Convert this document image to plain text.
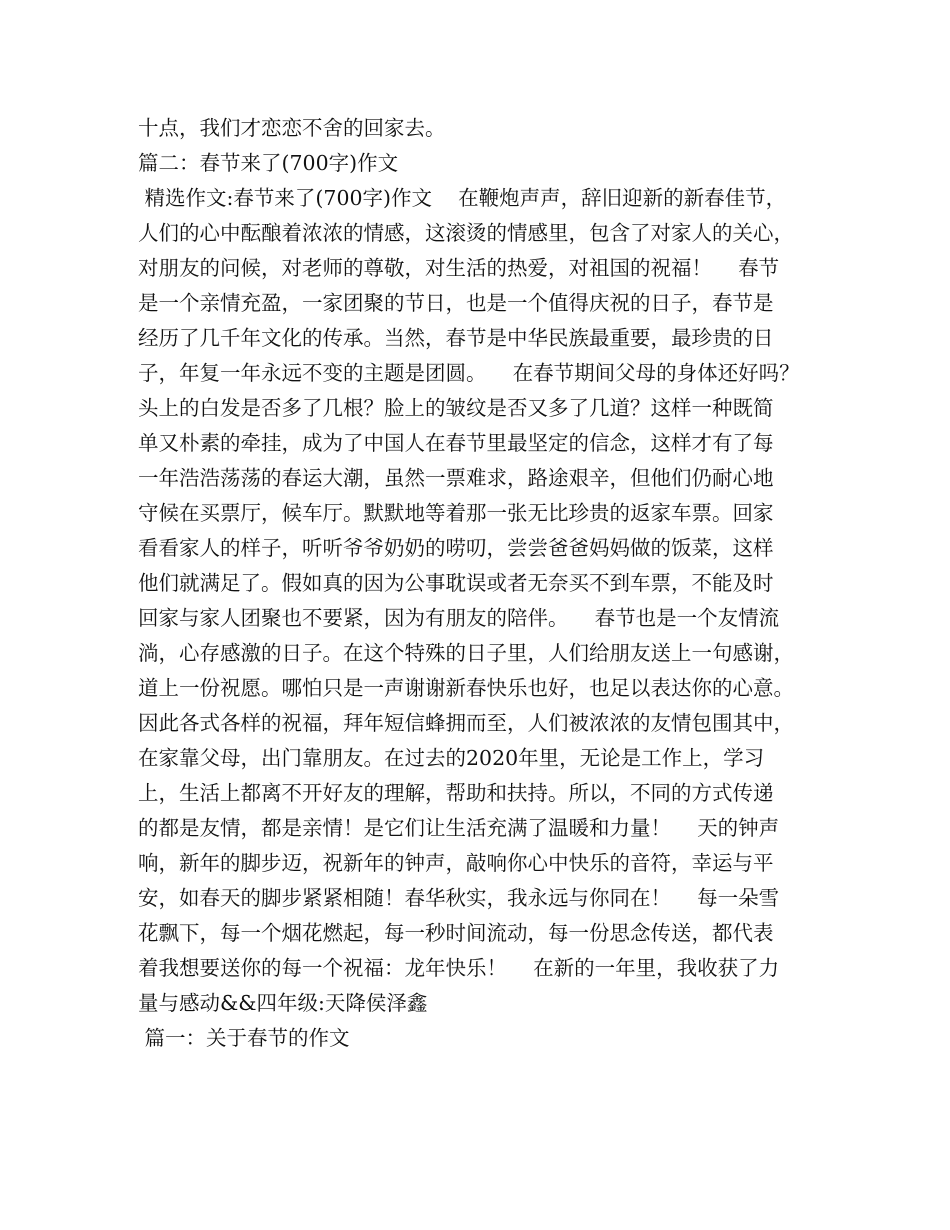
十点，我们才恋恋不舍的回家去。

篇二：春节来了(700字)作文

精选作文:春节来了(700字)作文    在鞭炮声声，辞旧迎新的新春佳节，

人们的心中酝酿着浓浓的情感，这滚烫的情感里，包含了对家人的关心，

对朋友的问候，对老师的尊敬，对生活的热爱，对祖国的祝福！    春节

是一个亲情充盈，一家团聚的节日，也是一个值得庆祝的日子，春节是

经历了几千年文化的传承。当然，春节是中华民族最重要，最珍贵的日

子，年复一年永远不变的主题是团圆。    在春节期间父母的身体还好吗？

头上的白发是否多了几根？脸上的皱纹是否又多了几道？这样一种既简

单又朴素的牵挂，成为了中国人在春节里最坚定的信念，这样才有了每

一年浩浩荡荡的春运大潮，虽然一票难求，路途艰辛，但他们仍耐心地

守候在买票厅，候车厅。默默地等着那一张无比珍贵的返家车票。回家

看看家人的样子，听听爷爷奶奶的唠叨，尝尝爸爸妈妈做的饭菜，这样

他们就满足了。假如真的因为公事耽误或者无奈买不到车票，不能及时

回家与家人团聚也不要紧，因为有朋友的陪伴。    春节也是一个友情流

淌，心存感激的日子。在这个特殊的日子里，人们给朋友送上一句感谢，

道上一份祝愿。哪怕只是一声谢谢新春快乐也好，也足以表达你的心意。

因此各式各样的祝福，拜年短信蜂拥而至，人们被浓浓的友情包围其中，

在家靠父母，出门靠朋友。在过去的2020年里，无论是工作上，学习

上，生活上都离不开好友的理解，帮助和扶持。所以，不同的方式传递

的都是友情，都是亲情！是它们让生活充满了温暖和力量！    天的钟声

响，新年的脚步迈，祝新年的钟声，敲响你心中快乐的音符，幸运与平

安，如春天的脚步紧紧相随！春华秋实，我永远与你同在！    每一朵雪

花飘下，每一个烟花燃起，每一秒时间流动，每一份思念传送，都代表

着我想要送你的每一个祝福：龙年快乐！    在新的一年里，我收获了力

量与感动&&四年级:天降侯泽鑫

篇一：关于春节的作文
